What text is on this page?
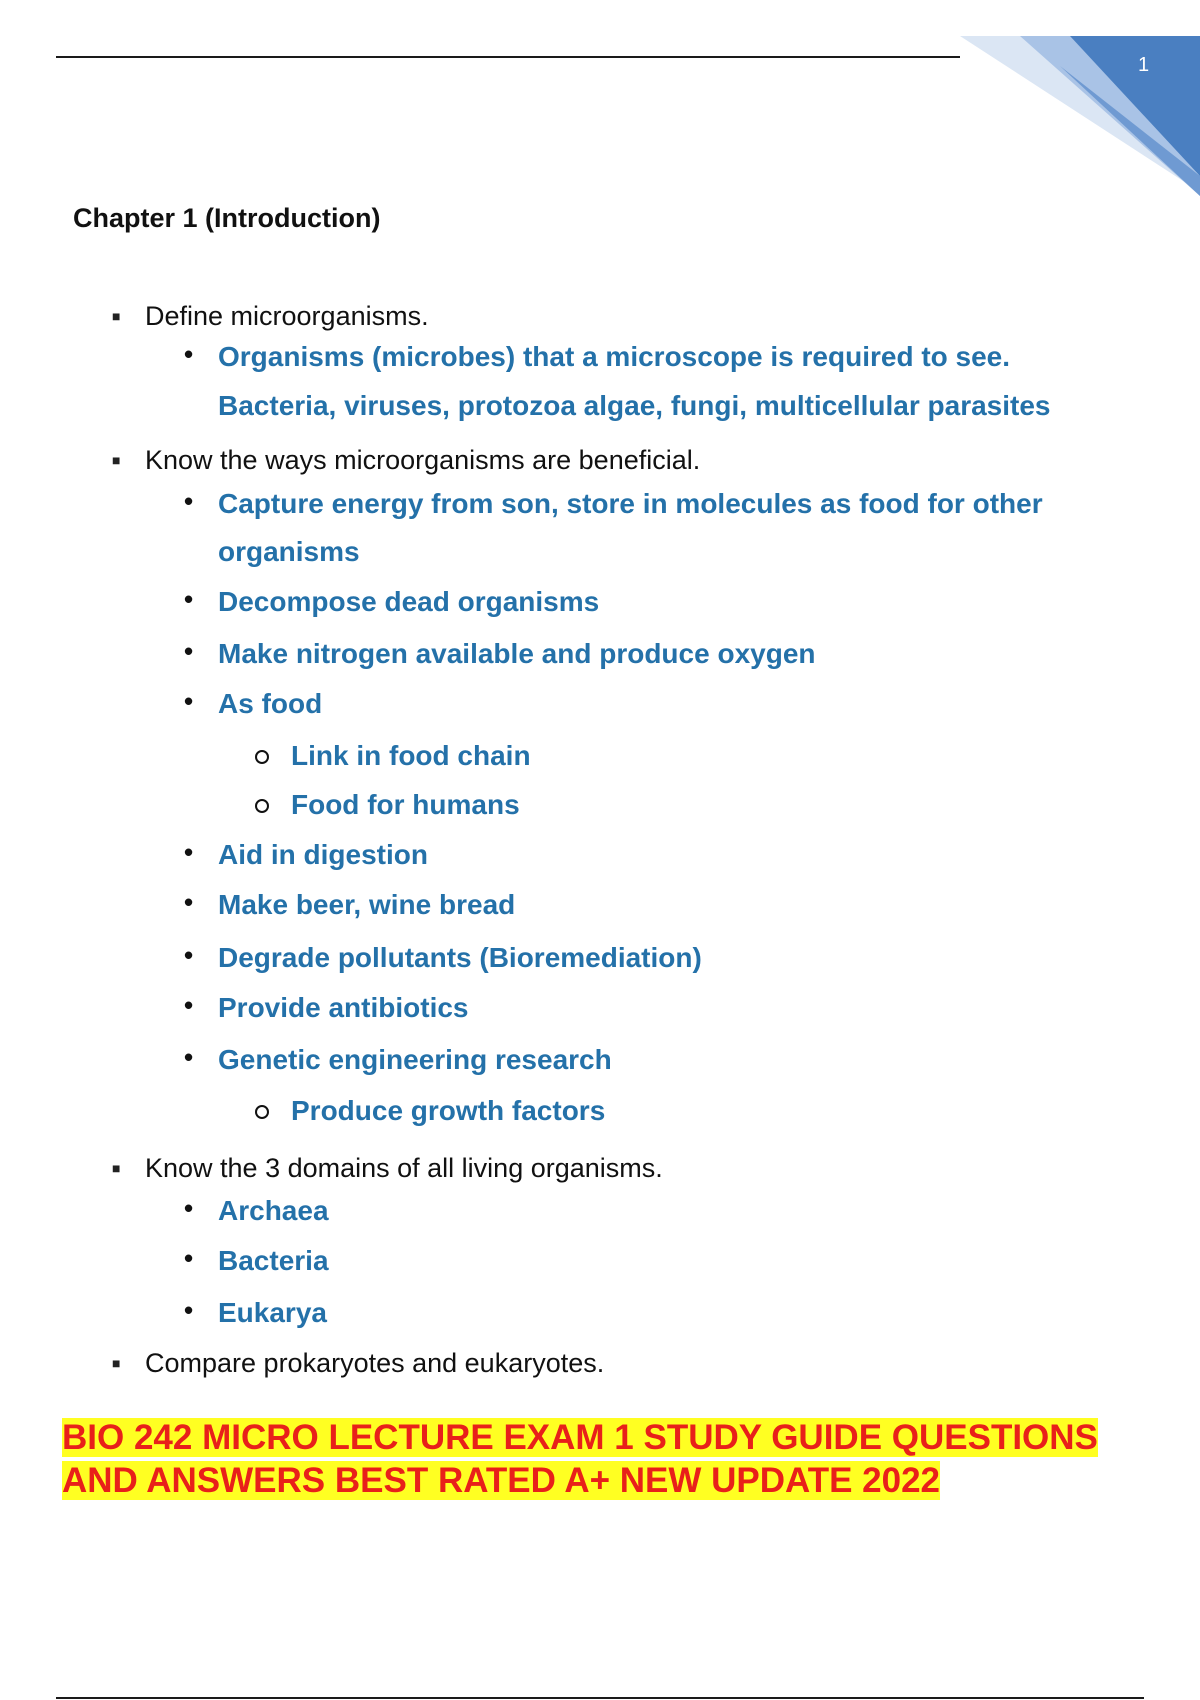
1
Chapter 1 (Introduction)
■ Define microorganisms.
• Organisms (microbes) that a microscope is required to see.
Bacteria, viruses, protozoa algae, fungi, multicellular parasites
■ Know the ways microorganisms are beneficial.
• Capture energy from son, store in molecules as food for other
organisms
• Decompose dead organisms
• Make nitrogen available and produce oxygen
• As food
Link in food chain
Food for humans
• Aid in digestion
• Make beer, wine bread
• Degrade pollutants (Bioremediation)
• Provide antibiotics
• Genetic engineering research
Produce growth factors
■ Know the 3 domains of all living organisms.
• Archaea
• Bacteria
• Eukarya
■ Compare prokaryotes and eukaryotes.
BIO 242 MICRO LECTURE EXAM 1 STUDY GUIDE QUESTIONS
AND ANSWERS BEST RATED A+ NEW UPDATE 2022
